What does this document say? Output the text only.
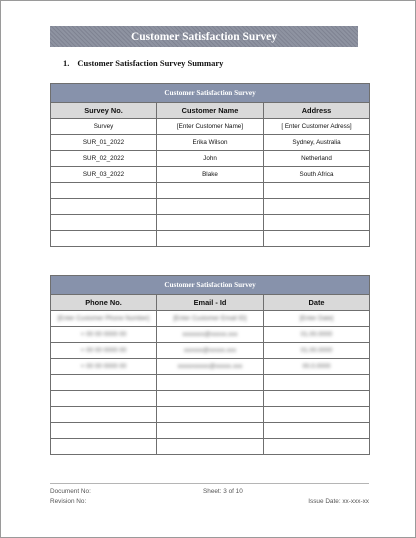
Customer Satisfaction Survey
1. Customer Satisfaction Survey Summary
Customer Satisfaction Survey		
Survey No.	Customer Name	Address
Survey	[Enter Customer Name]	[ Enter Customer Adress]
SUR_01_2022	Erika Wilson	Sydney, Australia
SUR_02_2022	John	Netherland
SUR_03_2022	Blake	South Africa

Customer Satisfaction Survey		
Phone No.	Email - Id	Date
[Enter Customer Phone Number]	[Enter Customer Email ID]	[Enter Date]
+ 00 00 0000 00	xxxxxxx@xxxxx.xxx	01.00.0000
+ 00 00 0000 00	xxxxxx@xxxxx.xxx	01.00.0000
+ 00 00 0000 00	xxxxxxxxxx@xxxxx.xxx	00.0.0000

Document No:	Sheet: 3 of 10
Revision No:	Issue Date: xx-xxx-xx
